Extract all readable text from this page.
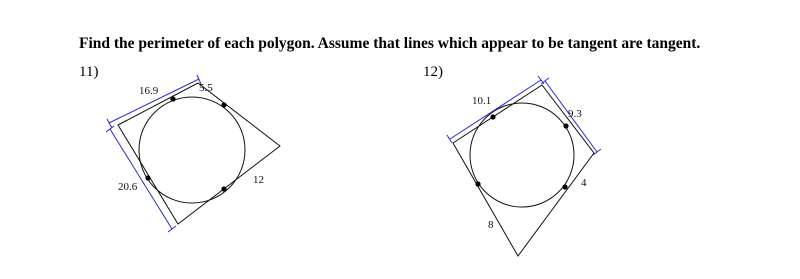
Find the perimeter of each polygon. Assume that lines which appear to be tangent are tangent.
11)	12)
16.9	5.5
20.6
12
10.1
9.3
4
8
